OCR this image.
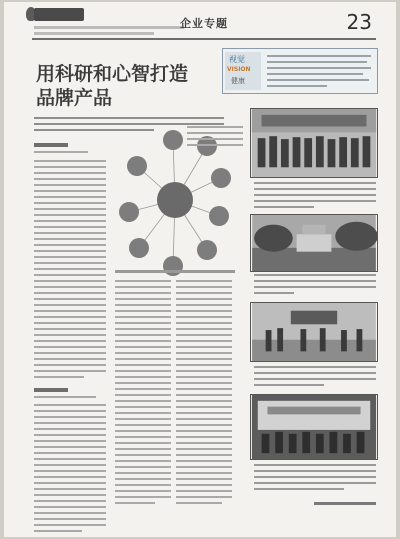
企业专题	23
用科研和心智打造
品牌产品
视觉
VISION
健康
